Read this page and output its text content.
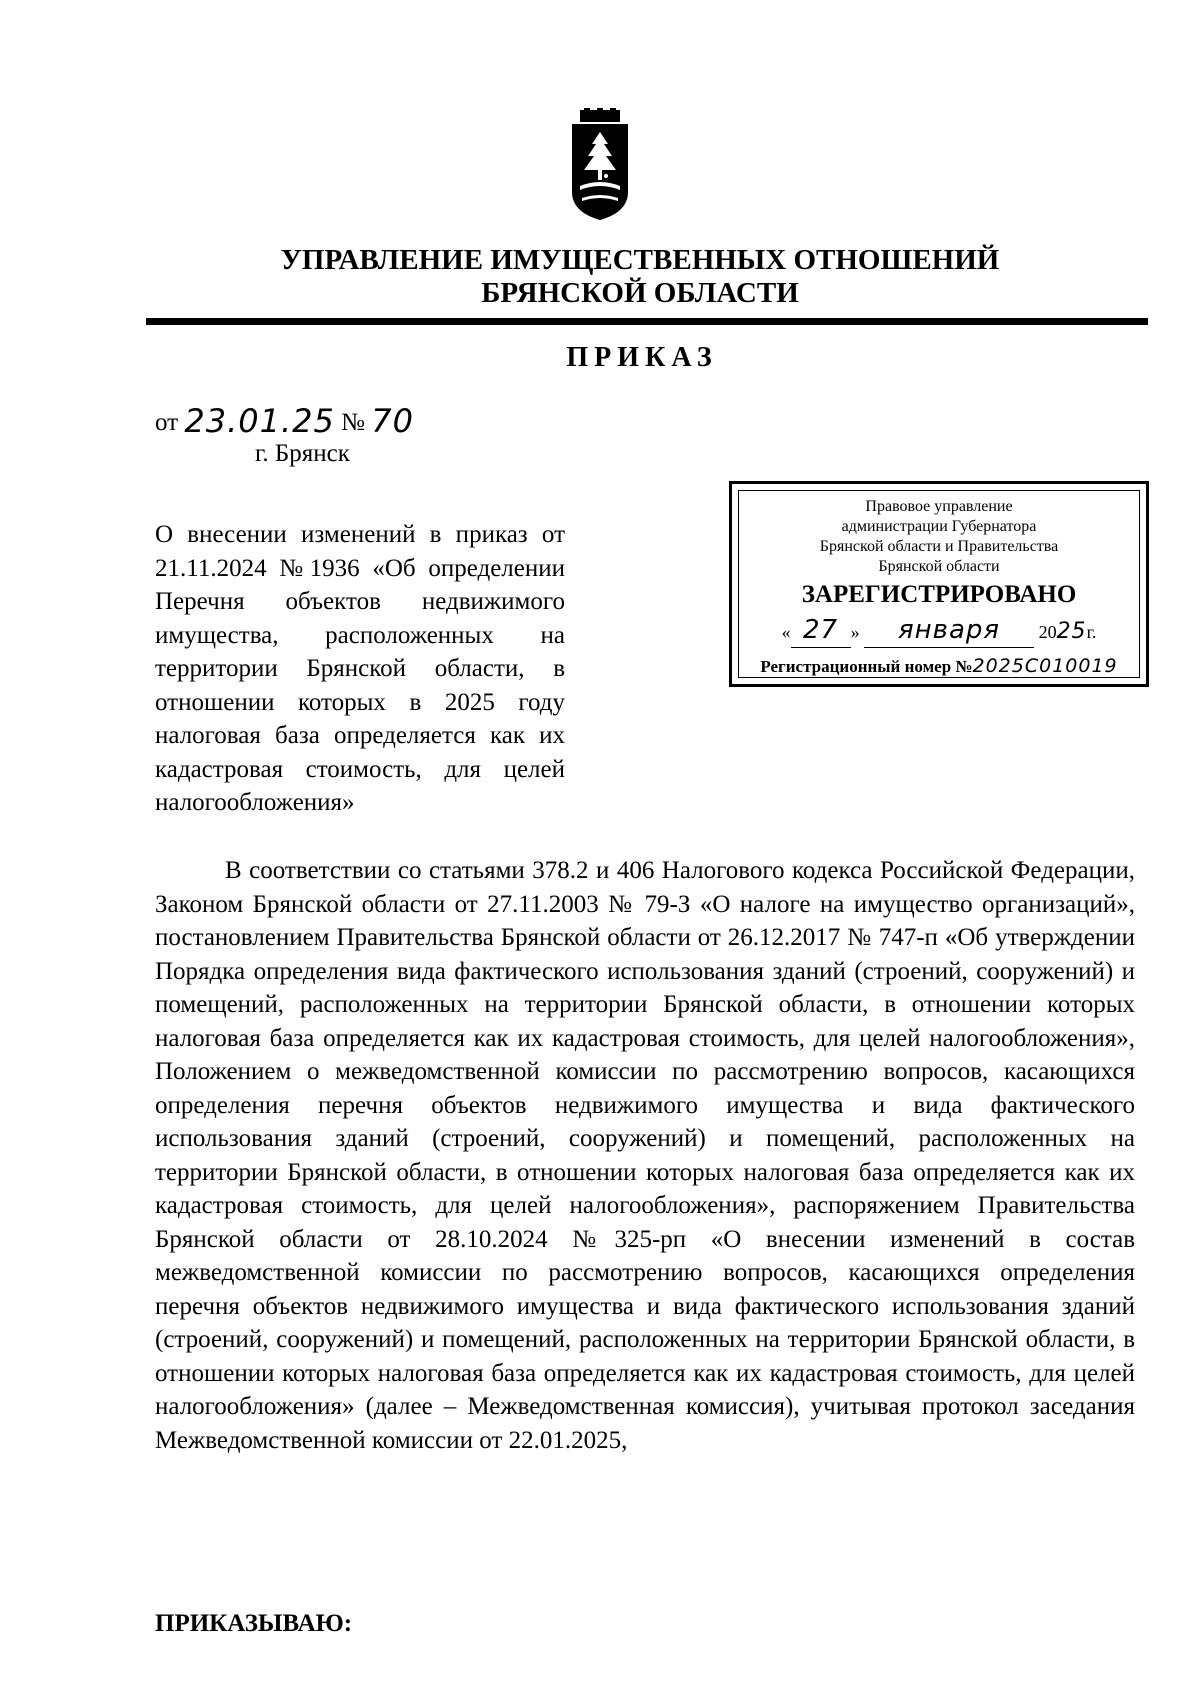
УПРАВЛЕНИЕ ИМУЩЕСТВЕННЫХ ОТНОШЕНИЙ
БРЯНСКОЙ ОБЛАСТИ
ПРИКАЗ
от 23.01.25 № 70
г. Брянск
О внесении изменений в приказ от 21.11.2024 №1936 «Об определении Перечня объектов недвижимого имущества, расположенных на территории Брянской области, в отношении которых в 2025 году налоговая база определяется как их кадастровая стоимость, для целей налогообложения»
Правовое управление
администрации Губернатора
Брянской области и Правительства
Брянской области
ЗАРЕГИСТРИРОВАНО
« 27 » января 2025г.
Регистрационный номер №2025С010019

В соответствии со статьями 378.2 и 406 Налогового кодекса Российской Федерации, Законом Брянской области от 27.11.2003 № 79-З «О налоге на имущество организаций», постановлением Правительства Брянской области от 26.12.2017 № 747-п «Об утверждении Порядка определения вида фактического использования зданий (строений, сооружений) и помещений, расположенных на территории Брянской области, в отношении которых налоговая база определяется как их кадастровая стоимость, для целей налогообложения», Положением о межведомственной комиссии по рассмотрению вопросов, касающихся определения перечня объектов недвижимого имущества и вида фактического использования зданий (строений, сооружений) и помещений, расположенных на территории Брянской области, в отношении которых налоговая база определяется как их кадастровая стоимость, для целей налогообложения», распоряжением Правительства Брянской области от 28.10.2024 №325-рп «О внесении изменений в состав межведомственной комиссии по рассмотрению вопросов, касающихся определения перечня объектов недвижимого имущества и вида фактического использования зданий (строений, сооружений) и помещений, расположенных на территории Брянской области, в отношении которых налоговая база определяется как их кадастровая стоимость, для целей налогообложения» (далее – Межведомственная комиссия), учитывая протокол заседания Межведомственной комиссии от 22.01.2025,

ПРИКАЗЫВАЮ:
